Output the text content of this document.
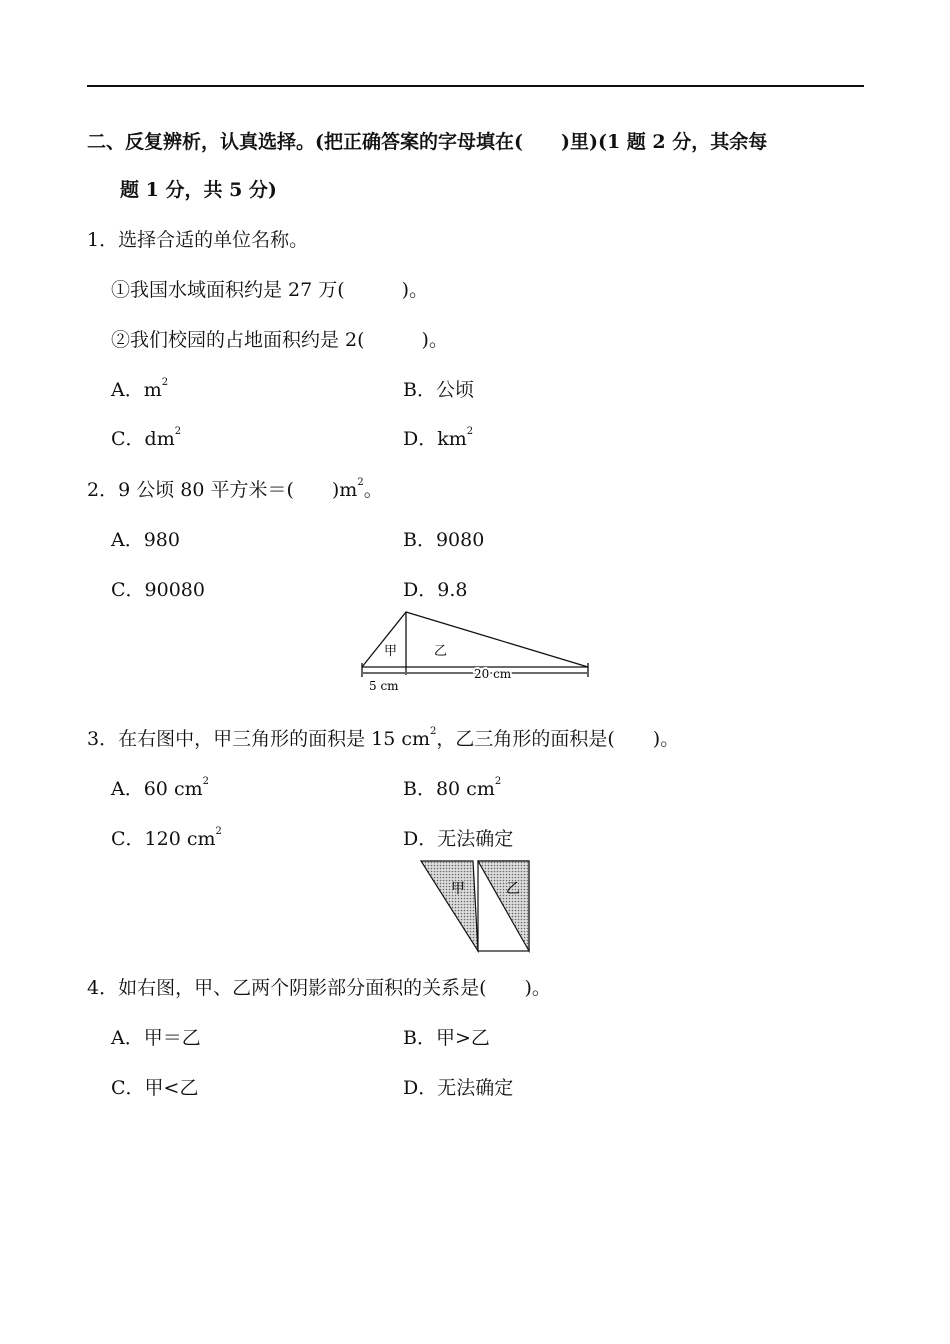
二、反复辨析，认真选择。(把正确答案的字母填在(　　)里)(1 题 2 分，其余每
题 1 分，共 5 分)
1．选择合适的单位名称。
①我国水域面积约是 27 万(　　　)。
②我们校园的占地面积约是 2(　　　)。
A．$m^2$	B．公顷
C．$dm^2$	D．$km^2$
2．9 公顷 80 平方米＝(　　)$m^2$。
A．980	B．9080
C．90080	D．9.8
甲	乙
5 cm
20 cm
3．在右图中，甲三角形的面积是 15 $cm^2$，乙三角形的面积是(　　)。
A．60 $cm^2$	B．80 $cm^2$
C．120 $cm^2$	D．无法确定
甲	乙
4．如右图，甲、乙两个阴影部分面积的关系是(　　)。
A．甲＝乙	B．甲>乙
C．甲<乙	D．无法确定
